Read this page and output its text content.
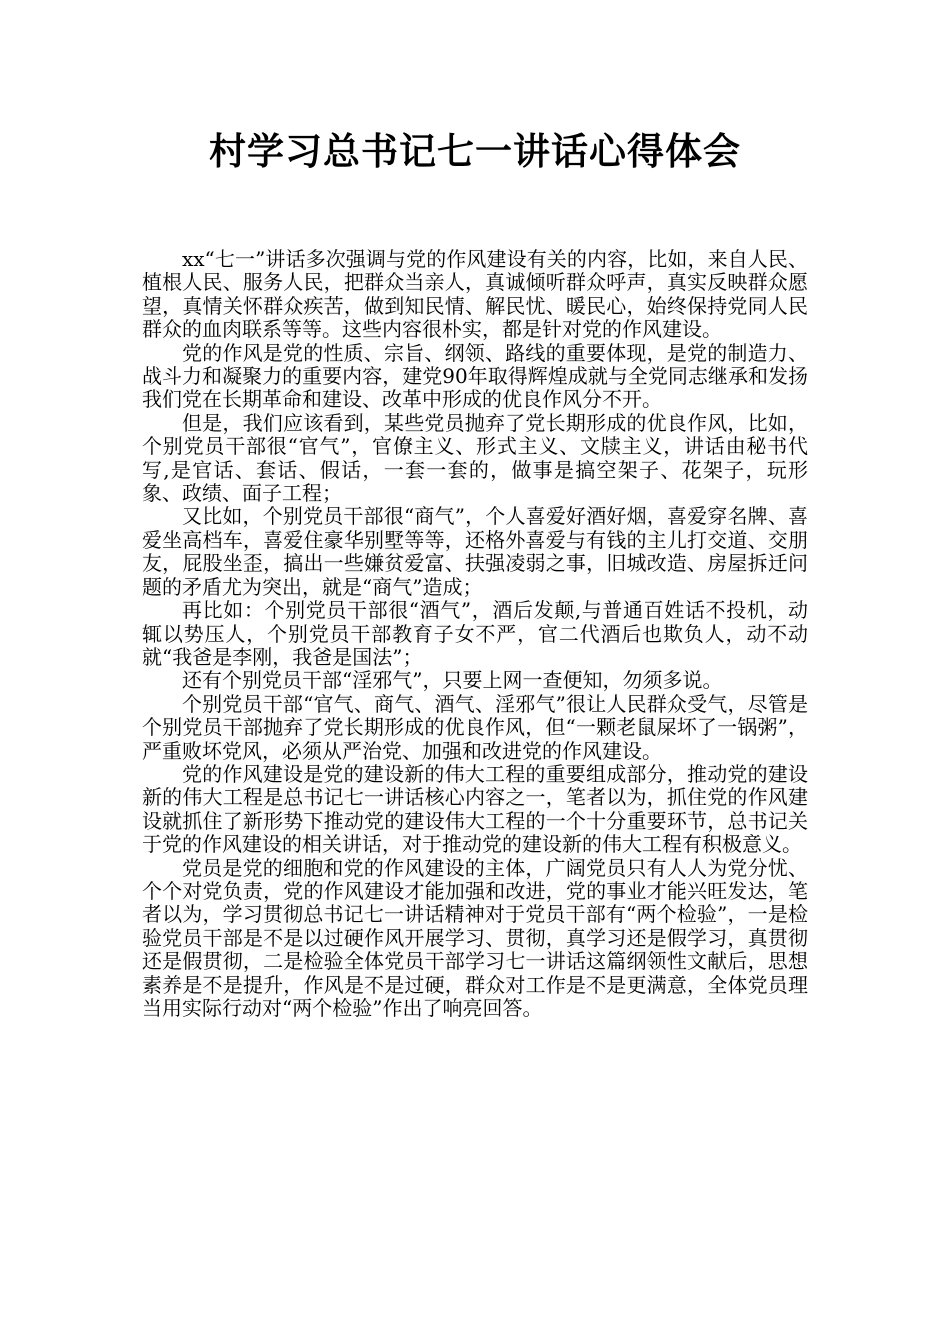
村学习总书记七一讲话心得体会

xx“七一”讲话多次强调与党的作风建设有关的内容，比如，来自人民、植根人民、服务人民，把群众当亲人，真诚倾听群众呼声，真实反映群众愿望，真情关怀群众疾苦，做到知民情、解民忧、暖民心，始终保持党同人民群众的血肉联系等等。这些内容很朴实，都是针对党的作风建设。

党的作风是党的性质、宗旨、纲领、路线的重要体现，是党的制造力、战斗力和凝聚力的重要内容，建党90年取得辉煌成就与全党同志继承和发扬我们党在长期革命和建设、改革中形成的优良作风分不开。

但是，我们应该看到，某些党员抛弃了党长期形成的优良作风，比如，个别党员干部很“官气”，官僚主义、形式主义、文牍主义，讲话由秘书代写,是官话、套话、假话，一套一套的，做事是搞空架子、花架子，玩形象、政绩、面子工程；

又比如，个别党员干部很“商气”，个人喜爱好酒好烟，喜爱穿名牌、喜爱坐高档车，喜爱住豪华别墅等等，还格外喜爱与有钱的主儿打交道、交朋友，屁股坐歪，搞出一些嫌贫爱富、扶强凌弱之事，旧城改造、房屋拆迁问题的矛盾尤为突出，就是“商气”造成；

再比如：个别党员干部很“酒气”，酒后发颠,与普通百姓话不投机，动辄以势压人，个别党员干部教育子女不严，官二代酒后也欺负人，动不动就“我爸是李刚，我爸是国法”；

还有个别党员干部“淫邪气”，只要上网一查便知，勿须多说。

个别党员干部“官气、商气、酒气、淫邪气”很让人民群众受气，尽管是个别党员干部抛弃了党长期形成的优良作风，但“一颗老鼠屎坏了一锅粥”，严重败坏党风，必须从严治党、加强和改进党的作风建设。

党的作风建设是党的建设新的伟大工程的重要组成部分，推动党的建设新的伟大工程是总书记七一讲话核心内容之一，笔者以为，抓住党的作风建设就抓住了新形势下推动党的建设伟大工程的一个十分重要环节，总书记关于党的作风建设的相关讲话，对于推动党的建设新的伟大工程有积极意义。

党员是党的细胞和党的作风建设的主体，广阔党员只有人人为党分忧、个个对党负责，党的作风建设才能加强和改进，党的事业才能兴旺发达，笔者以为，学习贯彻总书记七一讲话精神对于党员干部有“两个检验”，一是检验党员干部是不是以过硬作风开展学习、贯彻，真学习还是假学习，真贯彻还是假贯彻，二是检验全体党员干部学习七一讲话这篇纲领性文献后，思想素养是不是提升，作风是不是过硬，群众对工作是不是更满意，全体党员理当用实际行动对“两个检验”作出了响亮回答。
